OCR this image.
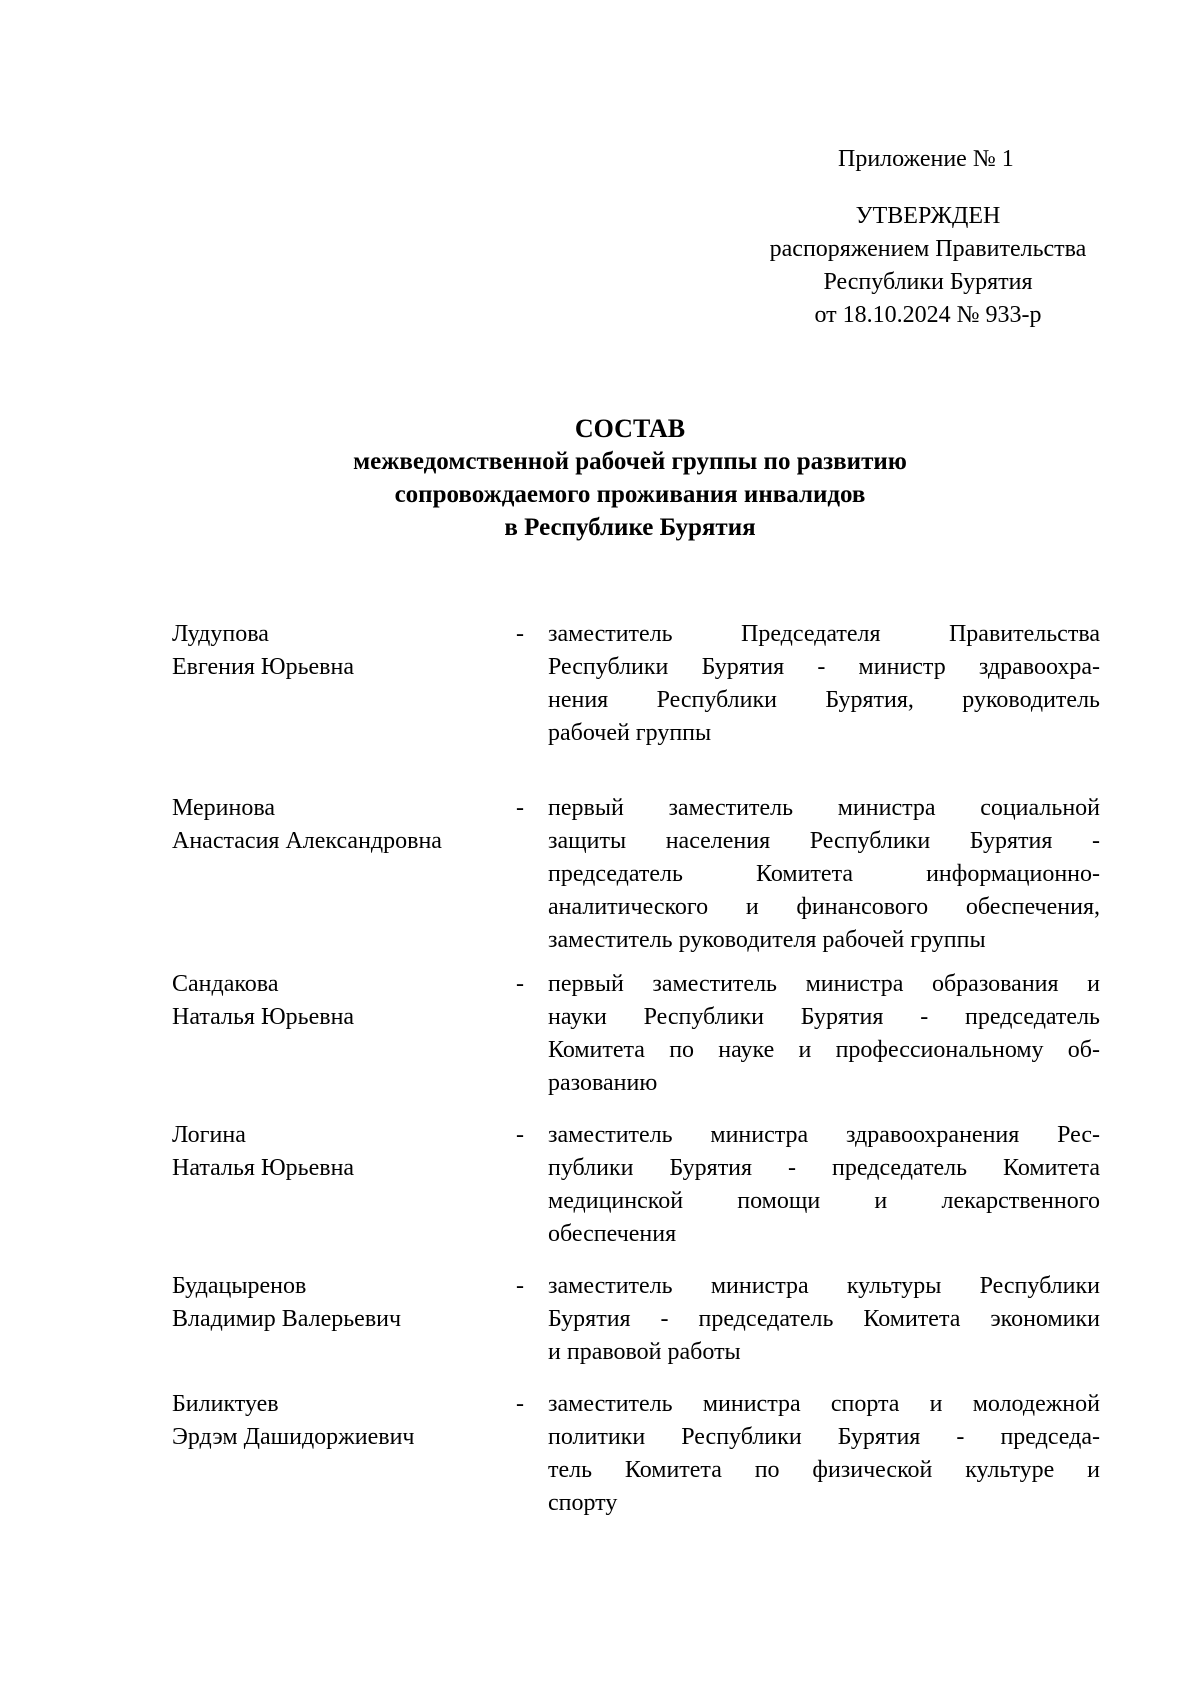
Приложение № 1
УТВЕРЖДЕН
распоряжением Правительства
Республики Бурятия
от 18.10.2024 № 933-р
СОСТАВ
межведомственной рабочей группы по развитию
сопровождаемого проживания инвалидов
в Республике Бурятия
Лудупова
Евгения Юрьевна
-	заместитель Председателя Правительства
Республики Бурятия - министр здравоохра-
нения Республики Бурятия, руководитель
рабочей группы
Меринова
Анастасия Александровна
-	первый заместитель министра социальной
защиты населения Республики Бурятия -
председатель Комитета информационно-
аналитического и финансового обеспечения,
заместитель руководителя рабочей группы
Сандакова
Наталья Юрьевна
-	первый заместитель министра образования и
науки Республики Бурятия - председатель
Комитета по науке и профессиональному об-
разованию
Логина
Наталья Юрьевна
-	заместитель министра здравоохранения Рес-
публики Бурятия - председатель Комитета
медицинской помощи и лекарственного
обеспечения
Будацыренов
Владимир Валерьевич
-	заместитель министра культуры Республики
Бурятия - председатель Комитета экономики
и правовой работы
Биликтуев
Эрдэм Дашидоржиевич
-	заместитель министра спорта и молодежной
политики Республики Бурятия - председа-
тель Комитета по физической культуре и
спорту
